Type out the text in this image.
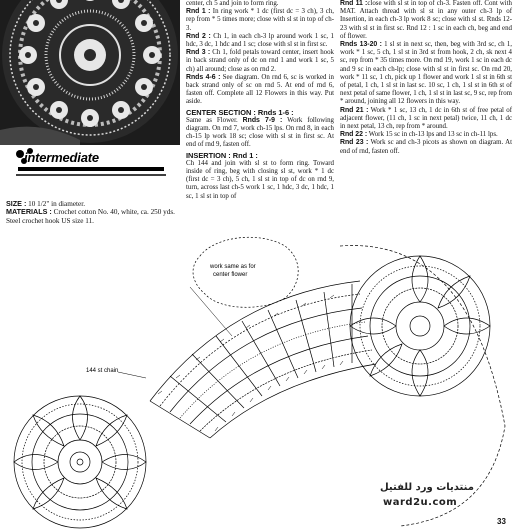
intermediate
SIZE : 10 1/2" in diameter.
MATERIALS : Crochet cotton No. 40, white, ca. 250 yds. Steel crochet hook US size 11.

center, ch 5 and join to form ring.

Rnd 1 : In ring work * 1 dc (first dc = 3 ch), 3 ch, rep from * 5 times more; close with sl st in top of ch-3.

Rnd 2 : Ch 1, in each ch-3 lp around work 1 sc, 1 hdc, 3 dc, 1 hdc and 1 sc; close with sl st in first sc.

Rnd 3 : Ch 1, fold petals toward center, insert hook in back strand only of dc on rnd 1 and work 1 sc, 5 ch) all around; close as on rnd 2.

Rnds 4-6 : See diagram. On rnd 6, sc is worked in back strand only of sc on rnd 5. At end of rnd 6, fasten off. Complete all 12 Flowers in this way. Put aside.

CENTER SECTION : Rnds 1-6 :

Same as Flower. Rnds 7-9 : Work following diagram. On rnd 7, work ch-15 lps. On rnd 8, in each ch-15 lp work 18 sc; close with sl st in first sc. At end of rnd 9, fasten off.

INSERTION : Rnd 1 :
Ch 144 and join with sl st to form ring. Toward inside of ring, beg with closing sl st, work * 1 dc (first dc = 3 ch), 5 ch, 1 sl st in top of dc on rnd 9, turn, across last ch-5 work 1 sc, 1 hdc, 3 dc, 1 hdc, 1 sc, 1 sl st in top of

Rnd 11 :close with sl st in top of ch-3. Fasten off. Cont with MAT. Attach thread with sl st in any outer ch-3 lp of Insertion, in each ch-3 lp work 8 sc; close with sl st. Rnds 12-23 with sl st in first sc. Rnd 12 : 1 sc in each ch, beg and end of flower.

Rnds 13-20 : 1 sl st in next sc, then, beg with 3rd sc, ch 1, work * 1 sc, 5 ch, 1 sl st in 3rd st from hook, 2 ch, sk next 4 sc, rep from * 35 times more. On rnd 19, work 1 sc in each dc and 9 sc in each ch-lp; close with sl st in first sc. On rnd 20, work * 11 sc, 1 ch, pick up 1 flower and work 1 sl st in 6th st of petal, 1 ch, 1 sl st in last sc. 10 sc, 1 ch, 1 sl st in 6th st of next petal of same flower, 1 ch, 1 sl st in last sc, 9 sc, rep from * around, joining all 12 flowers in this way.

Rnd 21 : Work * 1 sc, 13 ch, 1 dc in 6th st of free petal of adjacent flower, (11 ch, 1 sc in next petal) twice, 11 ch, 1 dc in next petal, 13 ch, rep from * around.

Rnd 22 : Work 15 sc in ch-13 lps and 13 sc in ch-11 lps.

Rnd 23 : Work sc and ch-3 picots as shown on diagram. At end of rnd, fasten off.

work same as for
center flower
144 st chain
منتديات ورد للفتيل
ward2u.com
33
